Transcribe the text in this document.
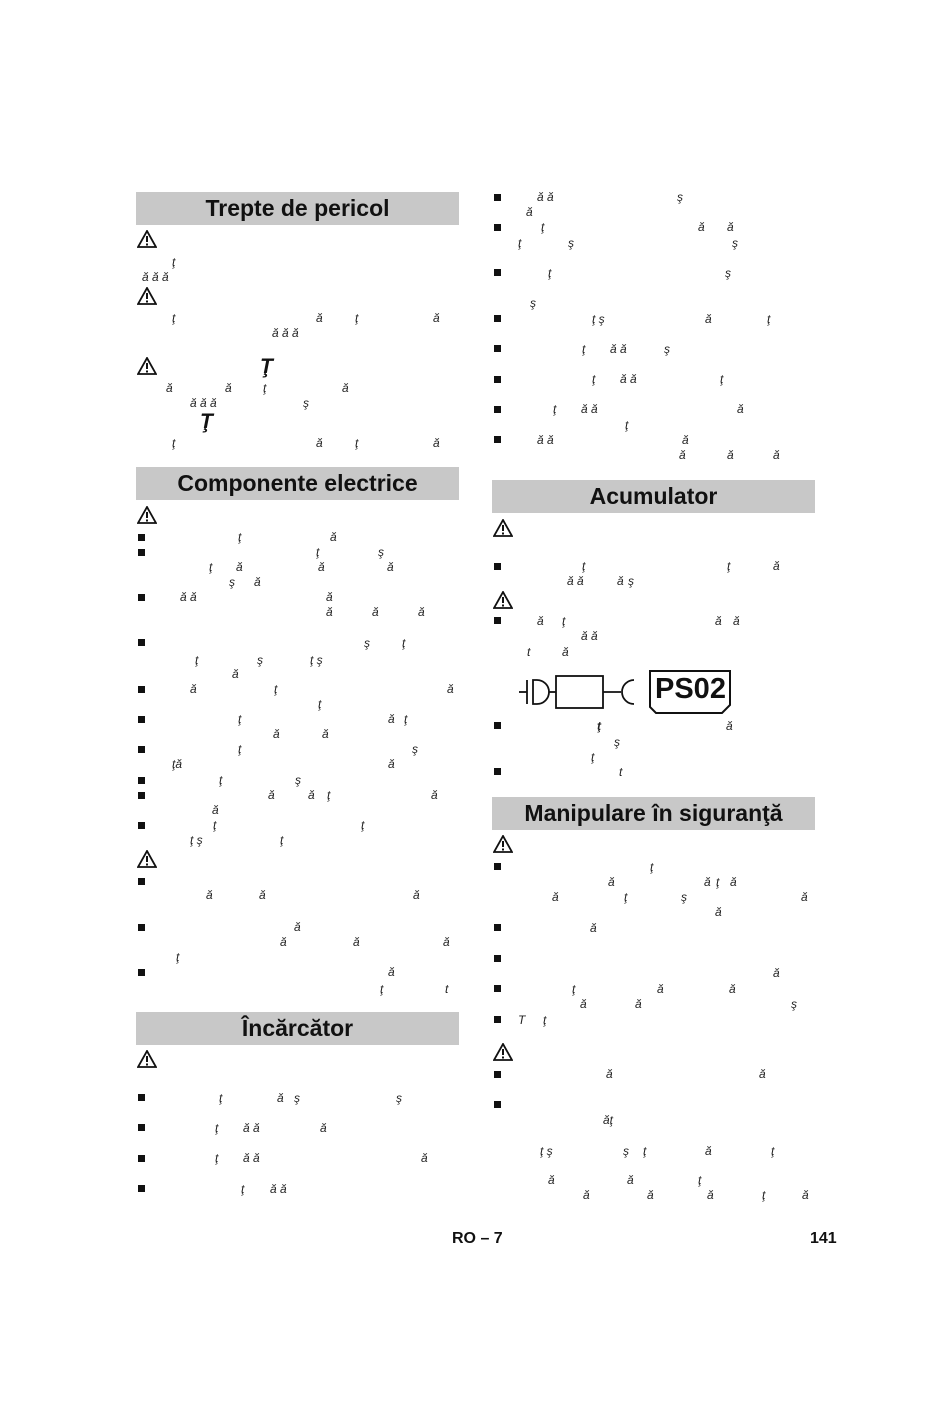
Trepte de pericol
ţ
ă ă ă
ţ	ă	ţ	ă
ă ă ă
Ţ
ă	ă	ţ	ă
ă ă ă	ş
Ţ
ţ	ă	ţ	ă
Componente electrice
ţ	ă
ţ	ş
ţ ă	ă	ă
ş ă
ă ă	ă
ă	ă	ă
ş	ţ
ţ	ş	ţ ş
ă
ă	ţ	ă
ţ
ţ	ă ţ
ă	ă
ţ	ş
ţă	ă
ţ	ş
ă	ă ţ	ă
ă
ţ	ţ
ţ ş	ţ
ă	ă	ă
ă
ă	ă	ă
ţ
ă
ţ	t
Încărcător
ţ	ă ş	ş
ţ ă ă	ă
ţ ă ă	ă
ţ ă ă
ă ă	ş
ă
ţ	ă ă
ţ	ş	ş
ţ	ş
ş
ţ ş	ă	ţ
ţ ă ă	ş
ţ ă ă	ţ
ţ ă ă	ă
ţ
ă ă	ă
ă	ă	ă
Acumulator
ţ	ţ	ă
ă ă	ă ş
ă ţ	ă ă
ă ă
t	ă
PS02
ţ	ă
ş
ţ
t
Manipulare în siguranţă
ţ
ă	ă ţ ă
ă	ţ	ş	ă
ă
ă
ă
ţ	ă	ă
ă	ă	ş
T ţ
ă	ă
ăţ
ţ ş	ş ţ	ă	ţ
ă	ă	ţ
ă	ă	ă	ţ	ă
RO – 7	141
